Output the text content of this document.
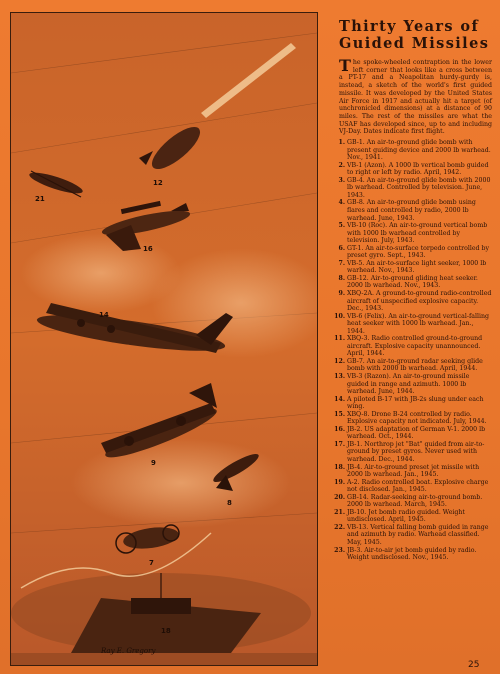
12
21
16
14
9
7
8
18
Ray E. Gregory
Thirty Years of
Guided Missiles

The spoke-wheeled contraption in the lower left corner that looks like a cross between a PT-17 and a Neapolitan hurdy-gurdy is, instead, a sketch of the world's first guided missile. It was developed by the United States Air Force in 1917 and actually hit a target (of unchronicled dimensions) at a distance of 90 miles. The rest of the missiles are what the USAF has developed since, up to and including VJ-Day. Dates indicate first flight.

1. GB-1. An air-to-ground glide bomb with present guiding device and 2000 lb warhead. Nov., 1941.
2. VB-1 (Azon). A 1000 lb vertical bomb guided to right or left by radio. April, 1942.
3. GB-4. An air-to-ground glide bomb with 2000 lb warhead. Controlled by television. June, 1943.
4. GB-8. An air-to-ground glide bomb using flares and controlled by radio, 2000 lb warhead. June, 1943.
5. VB-10 (Roc). An air-to-ground vertical bomb with 1000 lb warhead controlled by television. July, 1943.
6. GT-1. An air-to-surface torpedo controlled by preset gyro. Sept., 1943.
7. VB-5. An air-to-surface light seeker, 1000 lb warhead. Nov., 1943.
8. GB-12. Air-to-ground gliding heat seeker. 2000 lb warhead. Nov., 1943.
9. XBQ-2A. A ground-to-ground radio-controlled aircraft of unspecified explosive capacity. Dec., 1943.
10. VB-6 (Felix). An air-to-ground vertical-falling heat seeker with 1000 lb warhead. Jan., 1944.
11. XBQ-3. Radio controlled ground-to-ground aircraft. Explosive capacity unannounced. April, 1944.
12. GB-7. An air-to-ground radar seeking glide bomb with 2000 lb warhead. April, 1944.
13. VB-3 (Razon). An air-to-ground missile guided in range and azimuth. 1000 lb warhead. June, 1944.
14. A piloted B-17 with JB-2s slung under each wing.
15. XBQ-8. Drone B-24 controlled by radio. Explosive capacity not indicated. July, 1944.
16. JB-2. US adaptation of German V-1. 2000 lb warhead. Oct., 1944.
17. JB-1. Northrop jet "Bat" guided from air-to-ground by preset gyros. Never used with warhead. Dec., 1944.
18. JB-4. Air-to-ground preset jet missile with 2000 lb warhead. Jan., 1945.
19. A-2. Radio controlled boat. Explosive charge not disclosed. Jan., 1945.
20. GB-14. Radar-seeking air-to-ground bomb. 2000 lb warhead. March, 1945.
21. JB-10. Jet bomb radio guided. Weight undisclosed. April, 1945.
22. VB-13. Vertical falling bomb guided in range and azimuth by radio. Warhead classified. May, 1945.
23. JB-3. Air-to-air jet bomb guided by radio. Weight undisclosed. Nov., 1945.
25
